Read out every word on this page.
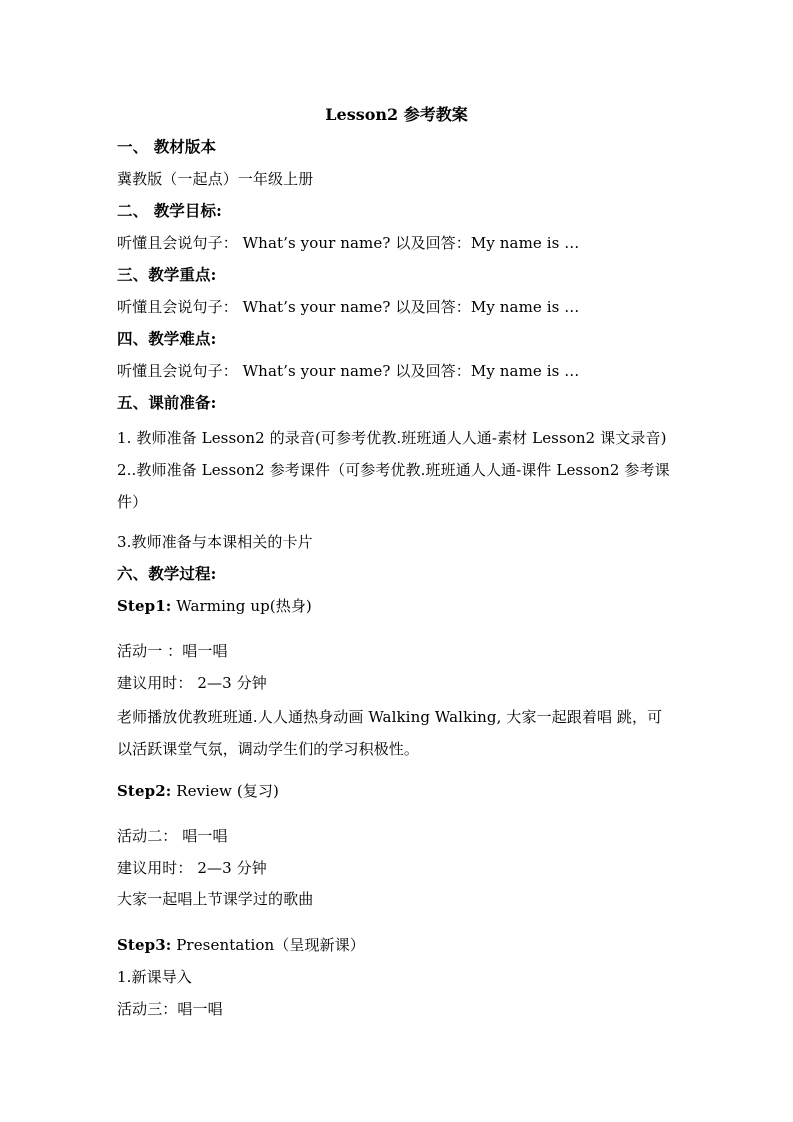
Lesson2 参考教案
一、 教材版本
冀教版（一起点）一年级上册
二、 教学目标:
听懂且会说句子： What’s your name? 以及回答：My name is …
三、教学重点:
听懂且会说句子： What’s your name? 以及回答：My name is …
四、教学难点:
听懂且会说句子： What’s your name? 以及回答：My name is …
五、课前准备:
1. 教师准备 Lesson2 的录音(可参考优教.班班通人人通-素材 Lesson2 课文录音)
2..教师准备 Lesson2 参考课件（可参考优教.班班通人人通-课件 Lesson2 参考课件）
3.教师准备与本课相关的卡片
六、教学过程:
Step1: Warming up(热身)
活动一 ：唱一唱
建议用时： 2—3 分钟
老师播放优教班班通.人人通热身动画 Walking Walking, 大家一起跟着唱 跳，可以活跃课堂气氛，调动学生们的学习积极性。
Step2: Review (复习)
活动二： 唱一唱
建议用时： 2—3 分钟
大家一起唱上节课学过的歌曲
Step3: Presentation（呈现新课）
1.新课导入
活动三：唱一唱
